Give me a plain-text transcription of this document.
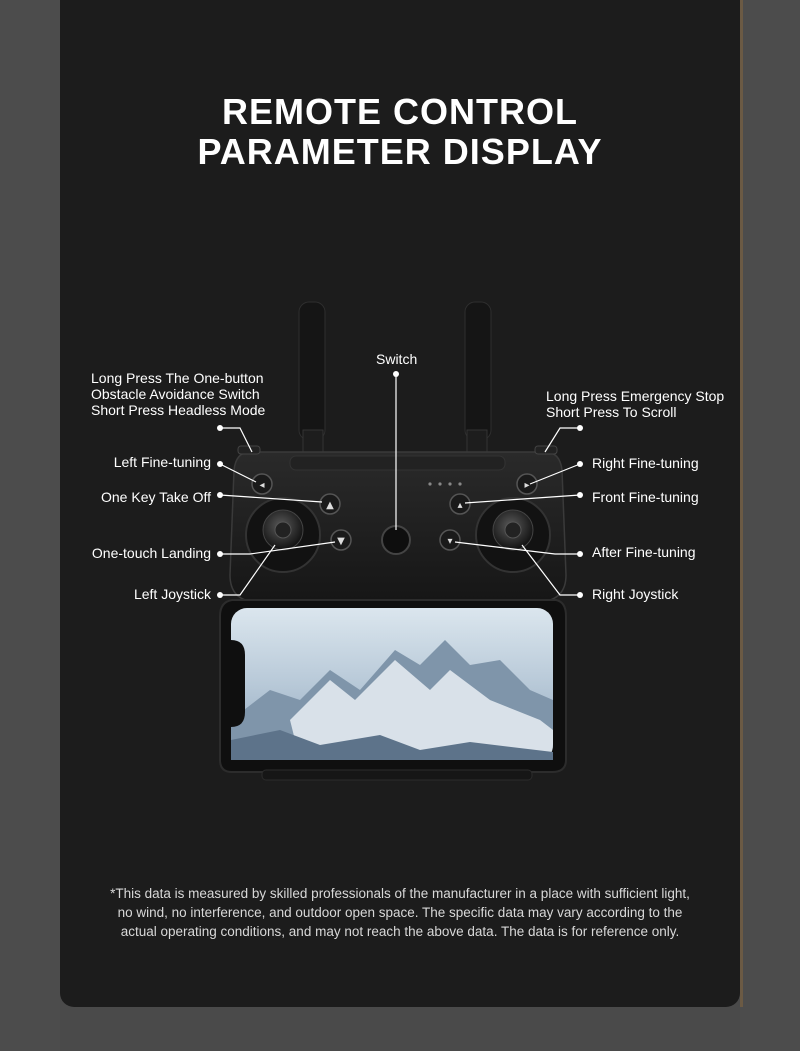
REMOTE CONTROL
PARAMETER DISPLAY
◂	▸
▲	▴
▼	▾
Switch
Long Press The One-button
Obstacle Avoidance Switch
Short Press Headless Mode
Long Press Emergency Stop
Short Press To Scroll
Left Fine-tuning
One Key Take Off
One-touch Landing
Left Joystick
Right Fine-tuning
Front Fine-tuning
After Fine-tuning
Right Joystick
*This data is measured by skilled professionals of the manufacturer in a place with sufficient light,
no wind, no interference, and outdoor open space. The specific data may vary according to the
actual operating conditions, and may not reach the above data. The data is for reference only.
